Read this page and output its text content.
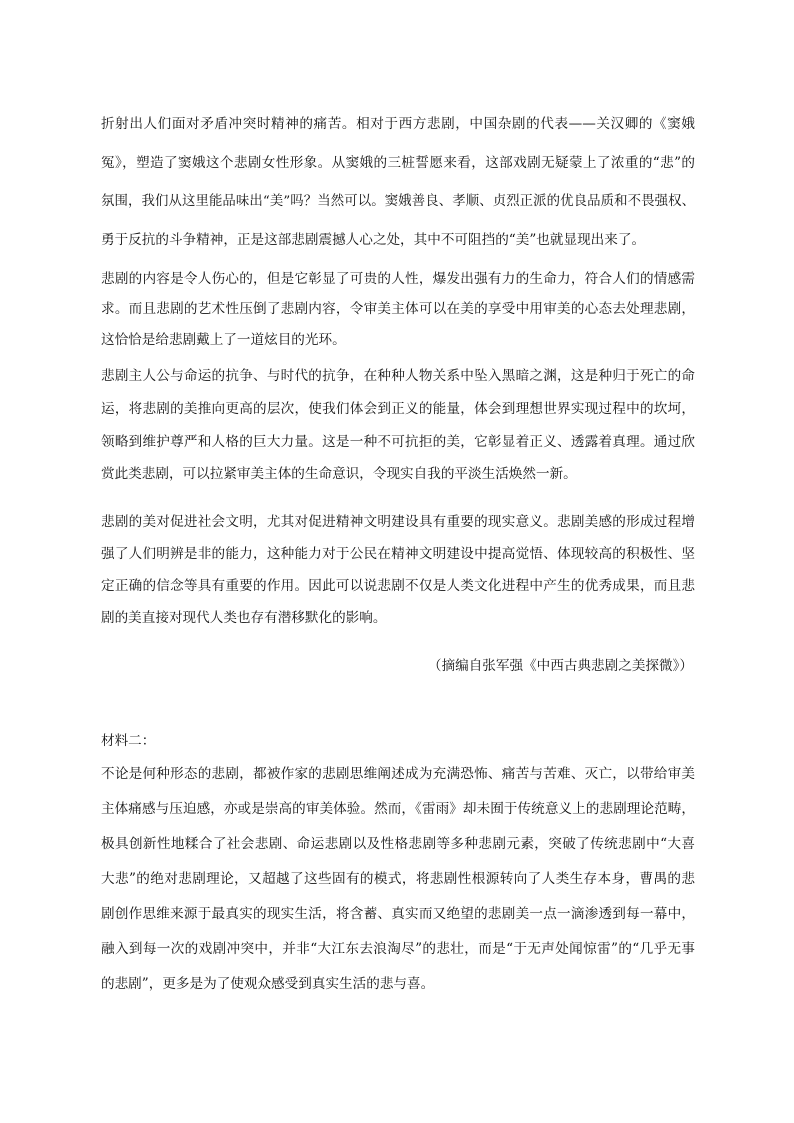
折射出人们面对矛盾冲突时精神的痛苦。相对于西方悲剧，中国杂剧的代表——关汉卿的《窦娥
冤》，塑造了窦娥这个悲剧女性形象。从窦娥的三桩誓愿来看，这部戏剧无疑蒙上了浓重的“悲”的
氛围，我们从这里能品味出“美”吗？当然可以。窦娥善良、孝顺、贞烈正派的优良品质和不畏强权、
勇于反抗的斗争精神，正是这部悲剧震撼人心之处，其中不可阻挡的“美”也就显现出来了。
悲剧的内容是令人伤心的，但是它彰显了可贵的人性，爆发出强有力的生命力，符合人们的情感需
求。而且悲剧的艺术性压倒了悲剧内容，令审美主体可以在美的享受中用审美的心态去处理悲剧，
这恰恰是给悲剧戴上了一道炫目的光环。
悲剧主人公与命运的抗争、与时代的抗争，在种种人物关系中坠入黑暗之渊，这是种归于死亡的命
运，将悲剧的美推向更高的层次，使我们体会到正义的能量，体会到理想世界实现过程中的坎坷，
领略到维护尊严和人格的巨大力量。这是一种不可抗拒的美，它彰显着正义、透露着真理。通过欣
赏此类悲剧，可以拉紧审美主体的生命意识，令现实自我的平淡生活焕然一新。
悲剧的美对促进社会文明，尤其对促进精神文明建设具有重要的现实意义。悲剧美感的形成过程增
强了人们明辨是非的能力，这种能力对于公民在精神文明建设中提高觉悟、体现较高的积极性、坚
定正确的信念等具有重要的作用。因此可以说悲剧不仅是人类文化进程中产生的优秀成果，而且悲
剧的美直接对现代人类也存有潜移默化的影响。
（摘编自张军强《中西古典悲剧之美探微》）
材料二：
不论是何种形态的悲剧，都被作家的悲剧思维阐述成为充满恐怖、痛苦与苦难、灭亡，以带给审美
主体痛感与压迫感，亦或是崇高的审美体验。然而，《雷雨》却未囿于传统意义上的悲剧理论范畴，
极具创新性地糅合了社会悲剧、命运悲剧以及性格悲剧等多种悲剧元素，突破了传统悲剧中“大喜
大悲”的绝对悲剧理论，又超越了这些固有的模式，将悲剧性根源转向了人类生存本身，曹禺的悲
剧创作思维来源于最真实的现实生活，将含蓄、真实而又绝望的悲剧美一点一滴渗透到每一幕中，
融入到每一次的戏剧冲突中，并非“大江东去浪淘尽”的悲壮，而是“于无声处闻惊雷”的“几乎无事
的悲剧”，更多是为了使观众感受到真实生活的悲与喜。
